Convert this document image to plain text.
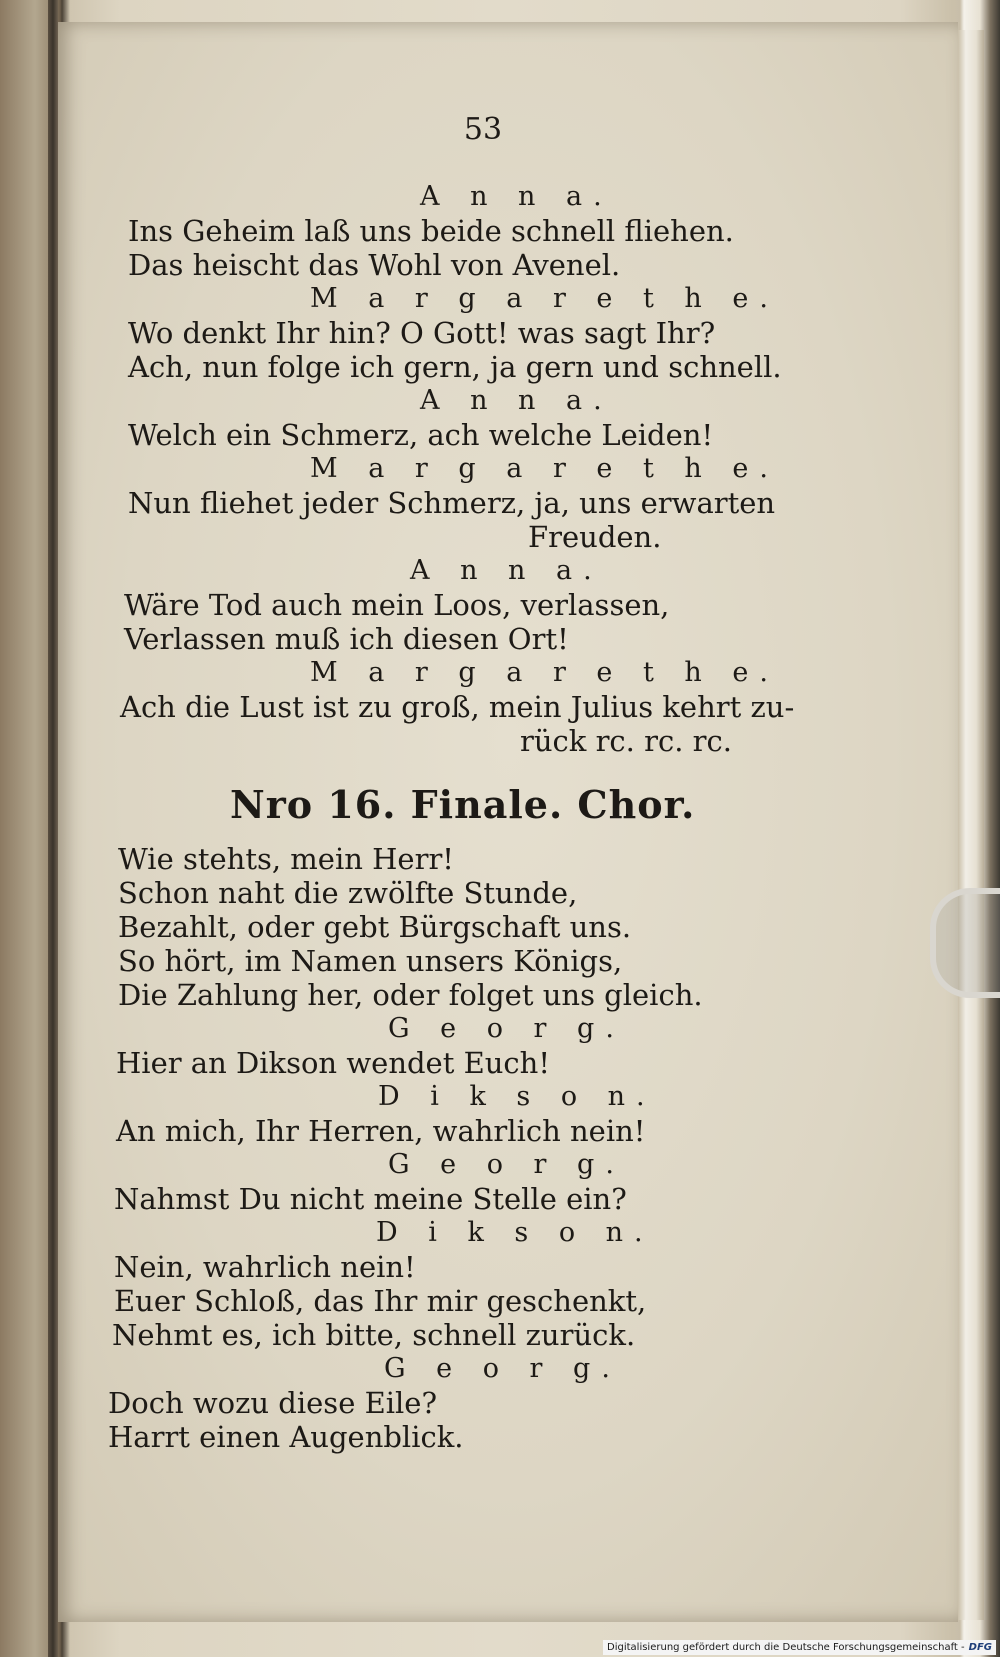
53
A n n a.
Ins Geheim laß uns beide schnell fliehen.
Das heischt das Wohl von Avenel.
M a r g a r e t h e.
Wo denkt Ihr hin? O Gott! was sagt Ihr?
Ach, nun folge ich gern, ja gern und schnell.
A n n a.
Welch ein Schmerz, ach welche Leiden!
M a r g a r e t h e.
Nun fliehet jeder Schmerz, ja, uns erwarten
Freuden.
A n n a.
Wäre Tod auch mein Loos, verlassen,
Verlassen muß ich diesen Ort!
M a r g a r e t h e.
Ach die Lust ist zu groß, mein Julius kehrt zu-
rück rc. rc. rc.
Nro 16. Finale. Chor.
Wie stehts, mein Herr!
Schon naht die zwölfte Stunde,
Bezahlt, oder gebt Bürgschaft uns.
So hört, im Namen unsers Königs,
Die Zahlung her, oder folget uns gleich.
G e o r g.
Hier an Dikson wendet Euch!
D i k s o n.
An mich, Ihr Herren, wahrlich nein!
G e o r g.
Nahmst Du nicht meine Stelle ein?
D i k s o n.
Nein, wahrlich nein!
Euer Schloß, das Ihr mir geschenkt,
Nehmt es, ich bitte, schnell zurück.
G e o r g.
Doch wozu diese Eile?
Harrt einen Augenblick.
Digitalisierung gefördert durch die Deutsche Forschungsgemeinschaft - DFG
